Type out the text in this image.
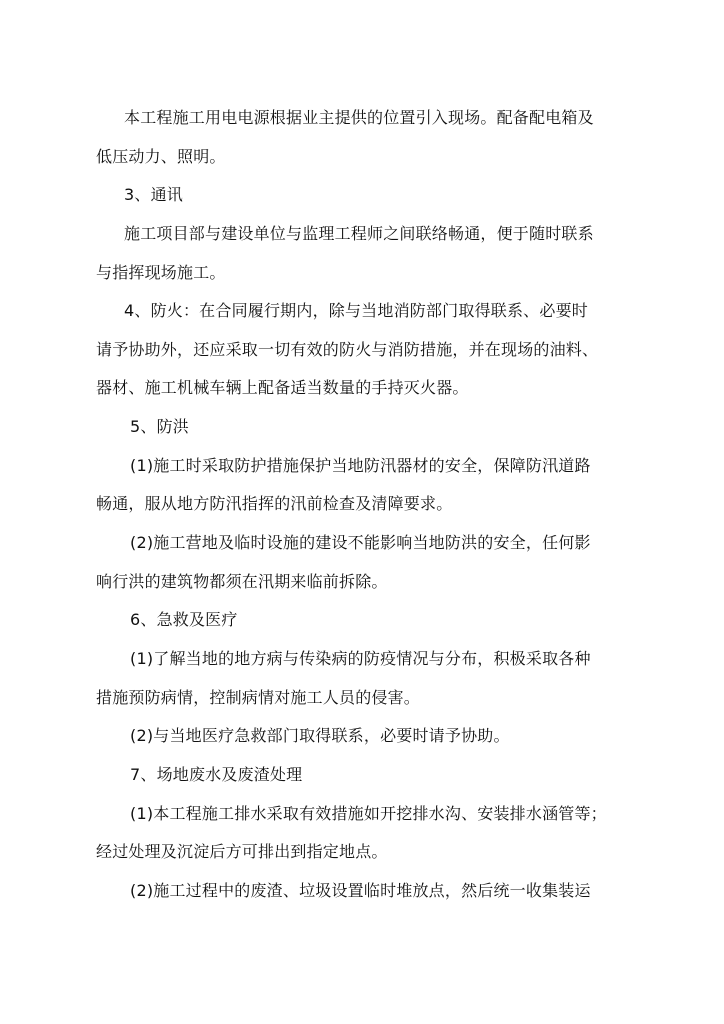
本工程施工用电电源根据业主提供的位置引入现场。配备配电箱及
低压动力、照明。
3、通讯
施工项目部与建设单位与监理工程师之间联络畅通，便于随时联系
与指挥现场施工。
4、防火：在合同履行期内，除与当地消防部门取得联系、必要时
请予协助外，还应采取一切有效的防火与消防措施，并在现场的油料、
器材、施工机械车辆上配备适当数量的手持灭火器。
5、防洪
(1)施工时采取防护措施保护当地防汛器材的安全，保障防汛道路
畅通，服从地方防汛指挥的汛前检查及清障要求。
(2)施工营地及临时设施的建设不能影响当地防洪的安全，任何影
响行洪的建筑物都须在汛期来临前拆除。
6、急救及医疗
(1)了解当地的地方病与传染病的防疫情况与分布，积极采取各种
措施预防病情，控制病情对施工人员的侵害。
(2)与当地医疗急救部门取得联系，必要时请予协助。
7、场地废水及废渣处理
(1)本工程施工排水采取有效措施如开挖排水沟、安装排水涵管等；
经过处理及沉淀后方可排出到指定地点。
(2)施工过程中的废渣、垃圾设置临时堆放点，然后统一收集装运
